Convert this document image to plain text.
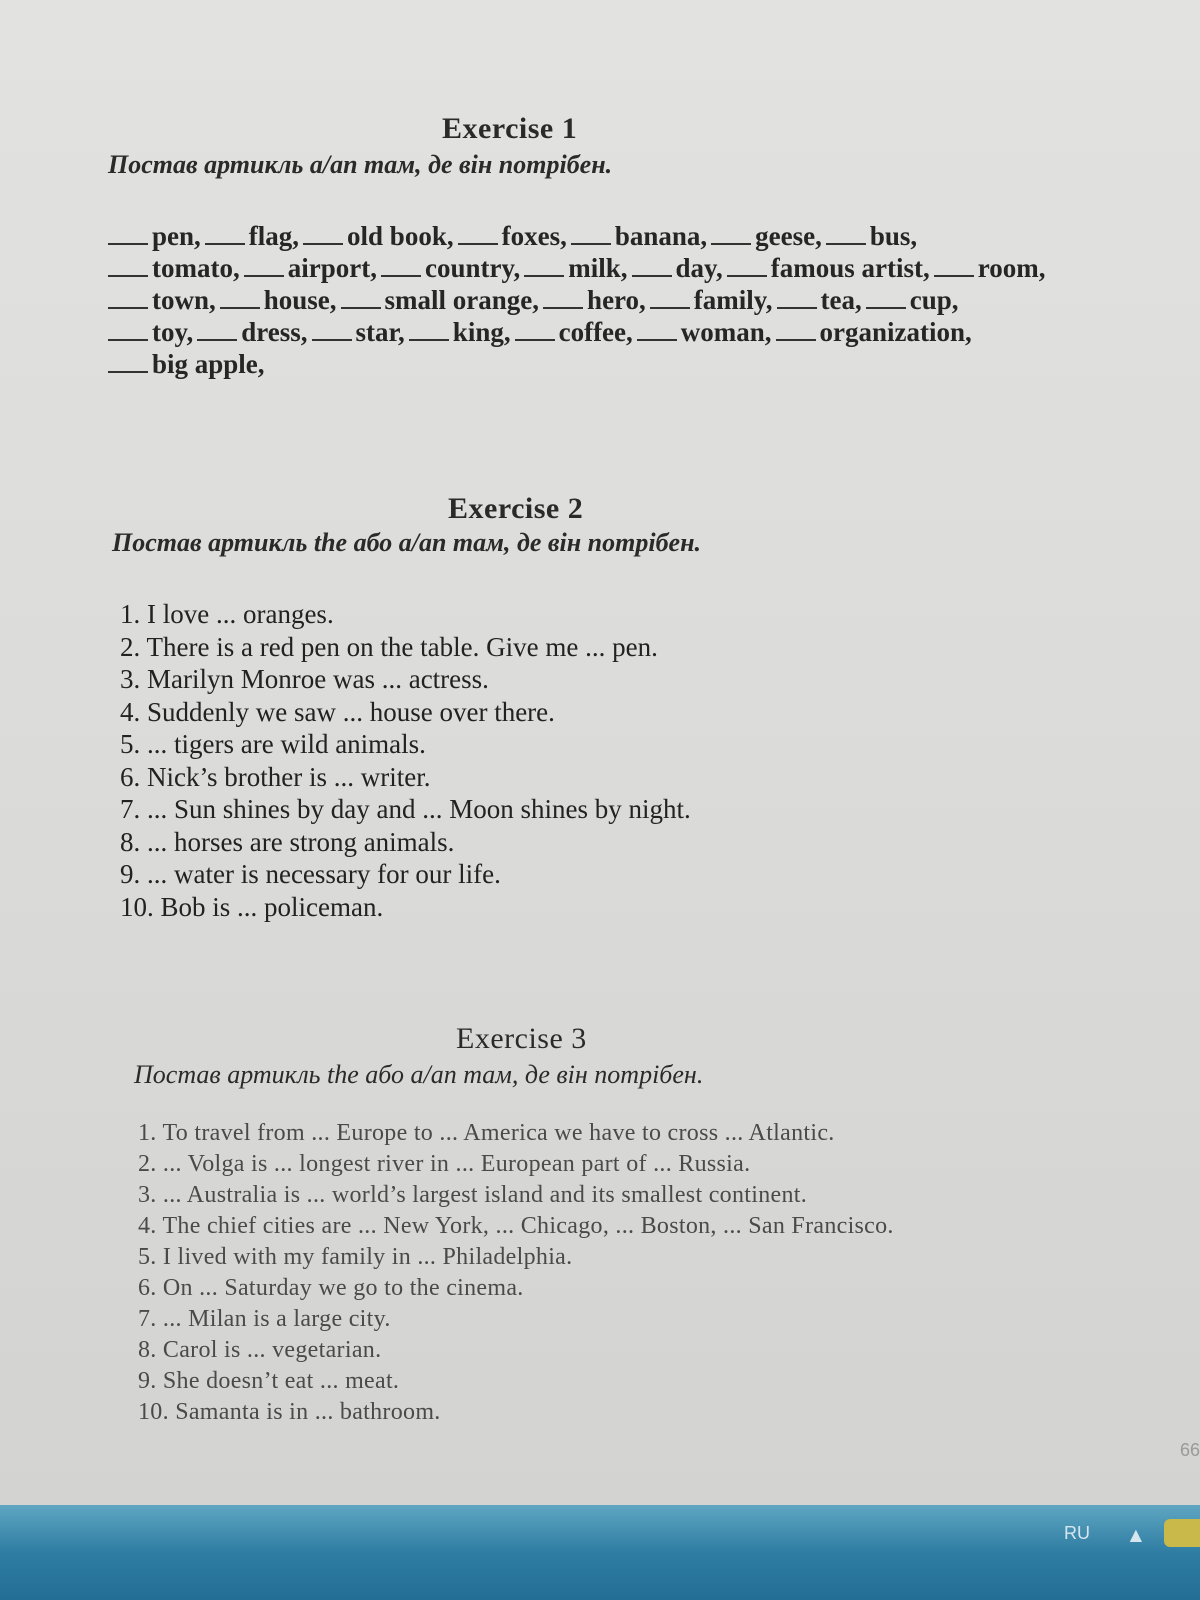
Exercise 1
Постав артикль a/an там, де він потрібен.
pen, flag, old book, foxes, banana, geese, bus,
tomato, airport, country, milk, day, famous artist, room,
town, house, small orange, hero, family, tea, cup,
toy, dress, star, king, coffee, woman, organization,
big apple,
Exercise 2
Постав артикль the або a/an там, де він потрібен.
1. I love ... oranges.
2. There is a red pen on the table. Give me ... pen.
3. Marilyn Monroe was ... actress.
4. Suddenly we saw ... house over there.
5. ... tigers are wild animals.
6. Nick’s brother is ... writer.
7. ... Sun shines by day and ... Moon shines by night.
8. ... horses are strong animals.
9. ... water is necessary for our life.
10. Bob is ... policeman.
Exercise 3
Постав артикль the або a/an там, де він потрібен.
1. To travel from ... Europe to ... America we have to cross ... Atlantic.
2. ... Volga is ... longest river in ... European part of ... Russia.
3. ... Australia is ... world’s largest island and its smallest continent.
4. The chief cities are ... New York, ... Chicago, ... Boston, ... San Francisco.
5. I lived with my family in ... Philadelphia.
6. On ... Saturday we go to the cinema.
7. ... Milan is a large city.
8. Carol is ... vegetarian.
9. She doesn’t eat ... meat.
10. Samanta is in ... bathroom.
66
RU ▲
